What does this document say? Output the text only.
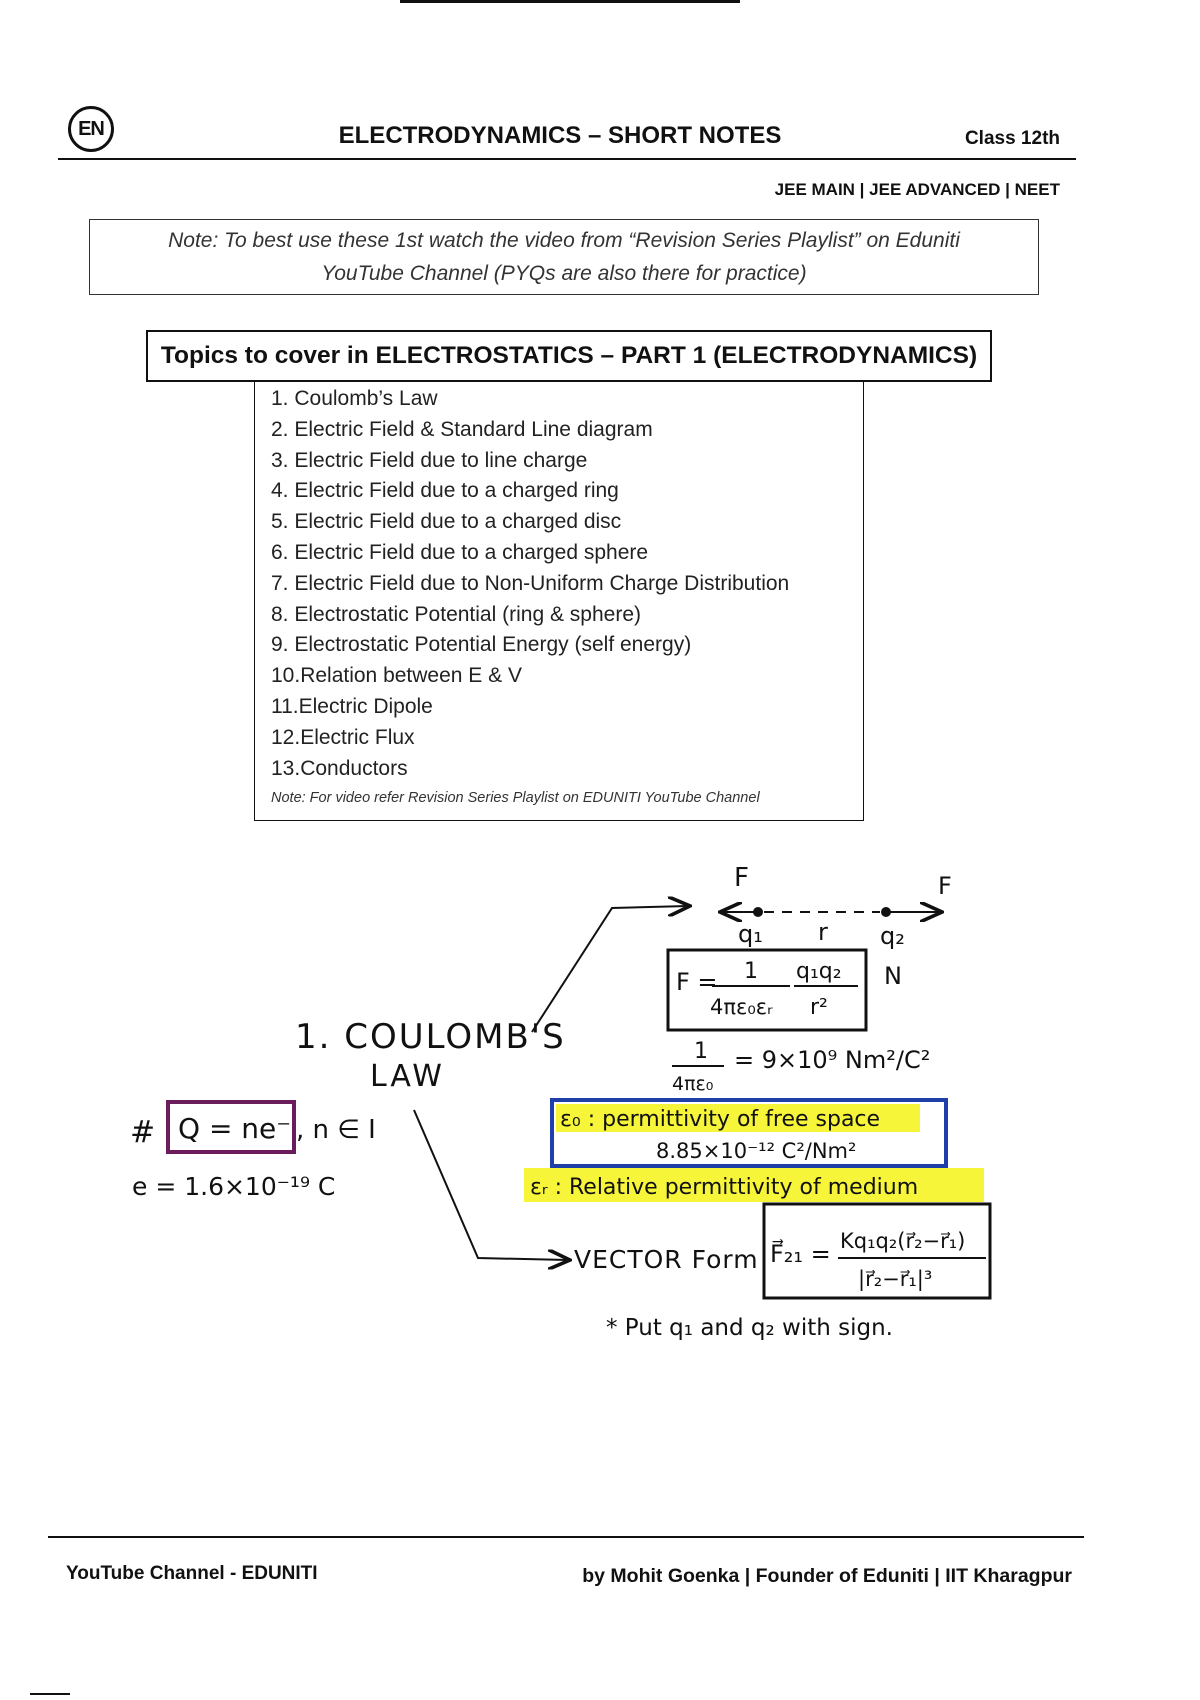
EN	ELECTRODYNAMICS – SHORT NOTES	Class 12th
JEE MAIN | JEE ADVANCED | NEET
Note: To best use these 1st watch the video from “Revision Series Playlist” on Eduniti
YouTube Channel (PYQs are also there for practice)
Topics to cover in ELECTROSTATICS – PART 1 (ELECTRODYNAMICS)
1. Coulomb’s Law
2. Electric Field & Standard Line diagram
3. Electric Field due to line charge
4. Electric Field due to a charged ring
5. Electric Field due to a charged disc
6. Electric Field due to a charged sphere
7. Electric Field due to Non-Uniform Charge Distribution
8. Electrostatic Potential (ring & sphere)
9. Electrostatic Potential Energy (self energy)
10.Relation between E & V
11.Electric Dipole
12.Electric Flux
13.Conductors
Note: For video refer Revision Series Playlist on EDUNITI YouTube Channel
1. COULOMB'S
LAW
# Q = ne⁻ , n ∈ I
e = 1.6×10⁻¹⁹ C
F	F
q₁ r q₂
F = 1
4πε₀εᵣ
q₁q₂
r²
N
1
4πε₀
= 9×10⁹ Nm²/C²
ε₀ : permittivity of free space
8.85×10⁻¹² C²/Nm²
εᵣ : Relative permittivity of medium
VECTOR Form F⃗₂₁ = Kq₁q₂(r⃗₂−r⃗₁)
|r⃗₂−r⃗₁|³
* Put q₁ and q₂ with sign.
YouTube Channel - EDUNITI	by Mohit Goenka | Founder of Eduniti | IIT Kharagpur
